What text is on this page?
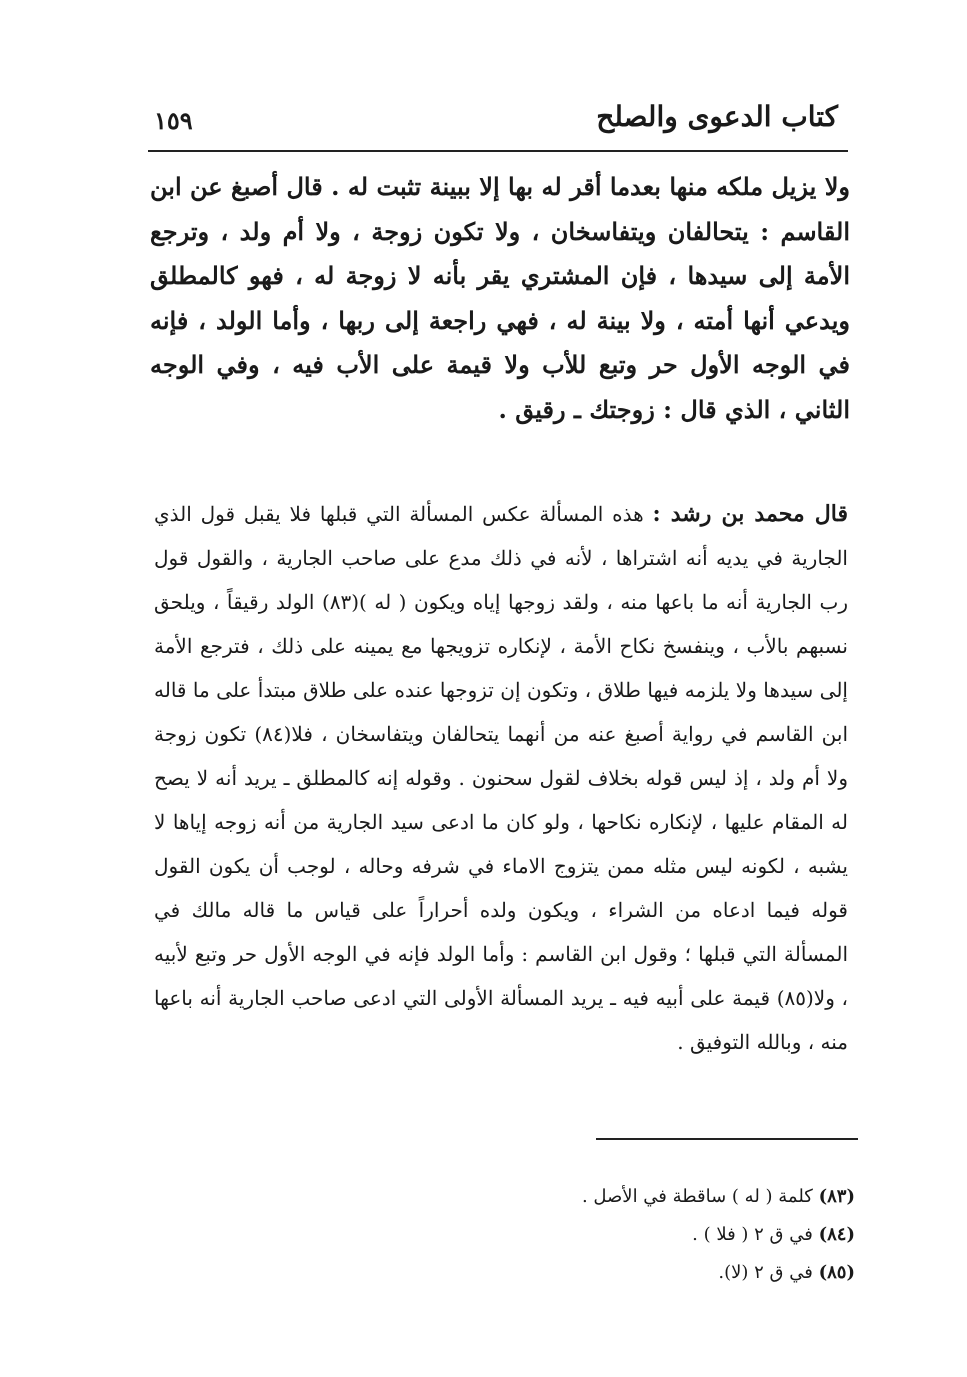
كتاب الدعوى والصلح
١٥٩
ولا يزيل ملكه منها بعدما أقر له بها إلا ببينة تثبت له . قال أصبغ عن ابن القاسم : يتحالفان ويتفاسخان ، ولا تكون زوجة ، ولا أم ولد ، وترجع الأمة إلى سيدها ، فإن المشتري يقر بأنه لا زوجة له ، فهو كالمطلق ويدعي أنها أمته ، ولا بينة له ، فهي راجعة إلى ربها ، وأما الولد ، فإنه في الوجه الأول حر وتبع للأب ولا قيمة على الأب فيه ، وفي الوجه الثاني ، الذي قال : زوجتك ـ رقيق .
قال محمد بن رشد : هذه المسألة عكس المسألة التي قبلها فلا يقبل قول الذي الجارية في يديه أنه اشتراها ، لأنه في ذلك مدع على صاحب الجارية ، والقول قول رب الجارية أنه ما باعها منه ، ولقد زوجها إياه ويكون ( له )(٨٣) الولد رقيقاً ، ويلحق نسبهم بالأب ، وينفسخ نكاح الأمة ، لإنكاره تزويجها مع يمينه على ذلك ، فترجع الأمة إلى سيدها ولا يلزمه فيها طلاق ، وتكون إن تزوجها عنده على طلاق مبتدأ على ما قاله ابن القاسم في رواية أصبغ عنه من أنهما يتحالفان ويتفاسخان ، فلا(٨٤) تكون زوجة ولا أم ولد ، إذ ليس قوله بخلاف لقول سحنون . وقوله إنه كالمطلق ـ يريد أنه لا يصح له المقام عليها ، لإنكاره نكاحها ، ولو كان ما ادعى سيد الجارية من أنه زوجه إياها لا يشبه ، لكونه ليس مثله ممن يتزوج الاماء في شرفه وحاله ، لوجب أن يكون القول قوله فيما ادعاه من الشراء ، ويكون ولده أحراراً على قياس ما قاله مالك في المسألة التي قبلها ؛ وقول ابن القاسم : وأما الولد فإنه في الوجه الأول حر وتبع لأبيه ، ولا(٨٥) قيمة على أبيه فيه ـ يريد المسألة الأولى التي ادعى صاحب الجارية أنه باعها منه ، وبالله التوفيق .
(٨٣) كلمة ( له ) ساقطة في الأصل .
(٨٤) في ق ٢ ( فلا ) .
(٨٥) في ق ٢ (لا).
